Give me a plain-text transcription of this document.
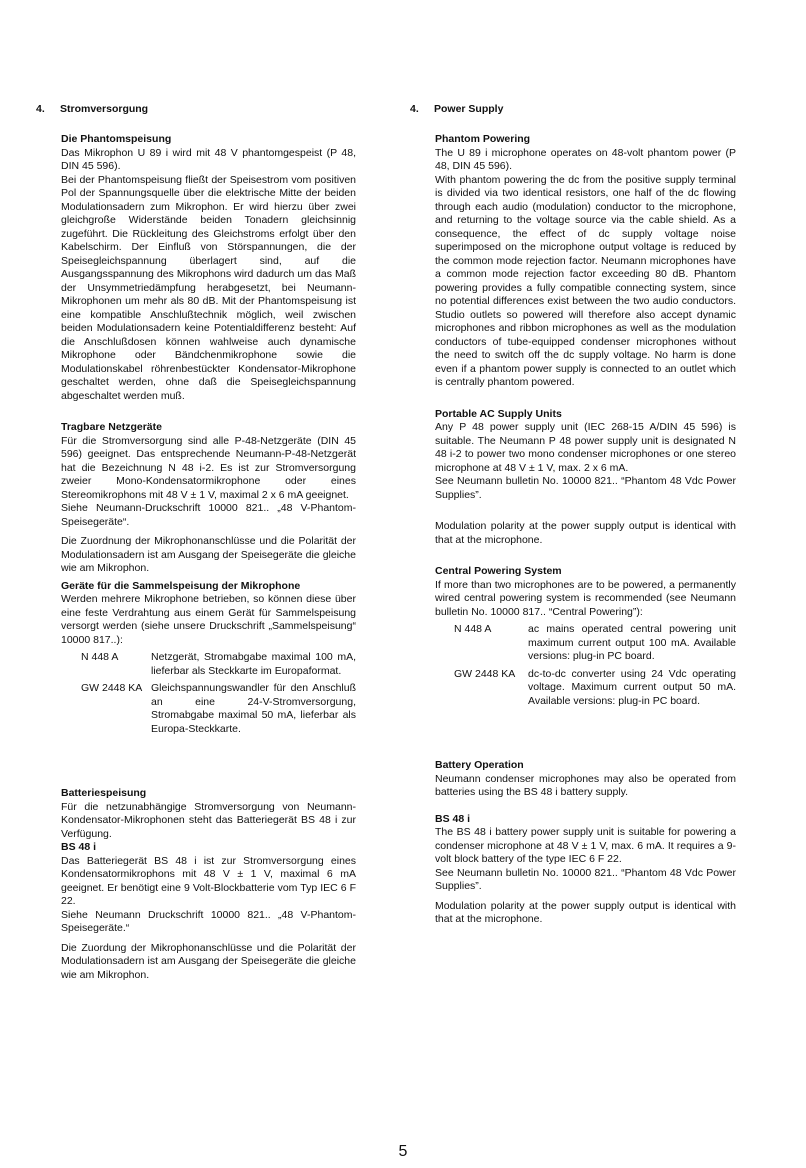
4. Stromversorgung
Die Phantomspeisung

Das Mikrophon U 89 i wird mit 48 V phantomgespeist (P 48, DIN 45 596).

Bei der Phantomspeisung fließt der Speisestrom vom positiven Pol der Spannungsquelle über die elektrische Mitte der beiden Modulationsadern zum Mikrophon. Er wird hierzu über zwei gleichgroße Widerstände beiden Tonadern gleichsinnig zugeführt. Die Rückleitung des Gleichstroms erfolgt über den Kabelschirm. Der Einfluß von Störspannungen, die der Speisegleichspannung überlagert sind, auf die Ausgangsspannung des Mikrophons wird dadurch um das Maß der Unsymmetriedämpfung herabgesetzt, bei Neumann-Mikrophonen um mehr als 80 dB. Mit der Phantomspeisung ist eine kompatible Anschlußtechnik möglich, weil zwischen beiden Modulationsadern keine Potentialdifferenz besteht: Auf die Anschlußdosen können wahlweise auch dynamische Mikrophone oder Bändchenmikrophone sowie die Modulationskabel röhrenbestückter Kondensator-Mikrophone geschaltet werden, ohne daß die Speisegleichspannung abgeschaltet werden muß.

Tragbare Netzgeräte

Für die Stromversorgung sind alle P-48-Netzgeräte (DIN 45 596) geeignet. Das entsprechende Neumann-P-48-Netzgerät hat die Bezeichnung N 48 i-2. Es ist zur Stromversorgung zweier Mono-Kondensatormikrophone oder eines Stereomikrophons mit 48 V ± 1 V, maximal 2 x 6 mA geeignet.

Siehe Neumann-Druckschrift 10000 821.. „48 V-Phantom-Speisegeräte“.

Die Zuordnung der Mikrophonanschlüsse und die Polarität der Modulationsadern ist am Ausgang der Speisegeräte die gleiche wie am Mikrophon.

Geräte für die Sammelspeisung der Mikrophone

Werden mehrere Mikrophone betrieben, so können diese über eine feste Verdrahtung aus einem Gerät für Sammelspeisung versorgt werden (siehe unsere Druckschrift „Sammelspeisung“ 10000 817..):

N 448 A	Netzgerät, Stromabgabe maximal 100 mA, lieferbar als Steckkarte im Europaformat.
GW 2448 KA Gleichspannungswandler für den Anschluß an eine 24-V-Stromversorgung, Stromabgabe maximal 50 mA, lieferbar als Europa-Steckkarte.
Batteriespeisung

Für die netzunabhängige Stromversorgung von Neumann-Kondensator-Mikrophonen steht das Batteriegerät BS 48 i zur Verfügung.

BS 48 i

Das Batteriegerät BS 48 i ist zur Stromversorgung eines Kondensatormikrophons mit 48 V ± 1 V, maximal 6 mA geeignet. Er benötigt eine 9 Volt-Blockbatterie vom Typ IEC 6 F 22.

Siehe Neumann Druckschrift 10000 821.. „48 V-Phantom-Speisegeräte.“

Die Zuordung der Mikrophonanschlüsse und die Polarität der Modulationsadern ist am Ausgang der Speisegeräte die gleiche wie am Mikrophon.

4. Power Supply
Phantom Powering

The U 89 i microphone operates on 48-volt phantom power (P 48, DIN 45 596).

With phantom powering the dc from the positive supply terminal is divided via two identical resistors, one half of the dc flowing through each audio (modulation) conductor to the microphone, and returning to the voltage source via the cable shield. As a consequence, the effect of dc supply voltage noise superimposed on the microphone output voltage is reduced by the common mode rejection factor. Neumann microphones have a common mode rejection factor exceeding 80 dB. Phantom powering provides a fully compatible connecting system, since no potential differences exist between the two audio conductors. Studio outlets so powered will therefore also accept dynamic microphones and ribbon microphones as well as the modulation conductors of tube-equipped condenser microphones without the need to switch off the dc supply voltage. No harm is done even if a phantom power supply is connected to an outlet which is centrally phantom powered.

Portable AC Supply Units

Any P 48 power supply unit (IEC 268-15 A/DIN 45 596) is suitable. The Neumann P 48 power supply unit is designated N 48 i-2 to power two mono condenser microphones or one stereo microphone at 48 V ± 1 V, max. 2 x 6 mA.

See Neumann bulletin No. 10000 821.. “Phantom 48 Vdc Power Supplies”.

Modulation polarity at the power supply output is identical with that at the microphone.

Central Powering System

If more than two microphones are to be powered, a permanently wired central powering system is recommended (see Neumann bulletin No. 10000 817.. “Central Powering”):

N 448 A	ac mains operated central powering unit maximum current output 100 mA. Available versions: plug-in PC board.
GW 2448 KA	dc-to-dc converter using 24 Vdc operating voltage. Maximum current output 50 mA. Available versions: plug-in PC board.
Battery Operation

Neumann condenser microphones may also be operated from batteries using the BS 48 i battery supply.

BS 48 i

The BS 48 i battery power supply unit is suitable for powering a condenser microphone at 48 V ± 1 V, max. 6 mA. It requires a 9-volt block battery of the type IEC 6 F 22.

See Neumann bulletin No. 10000 821.. “Phantom 48 Vdc Power Supplies”.

Modulation polarity at the power supply output is identical with that at the microphone.

5
